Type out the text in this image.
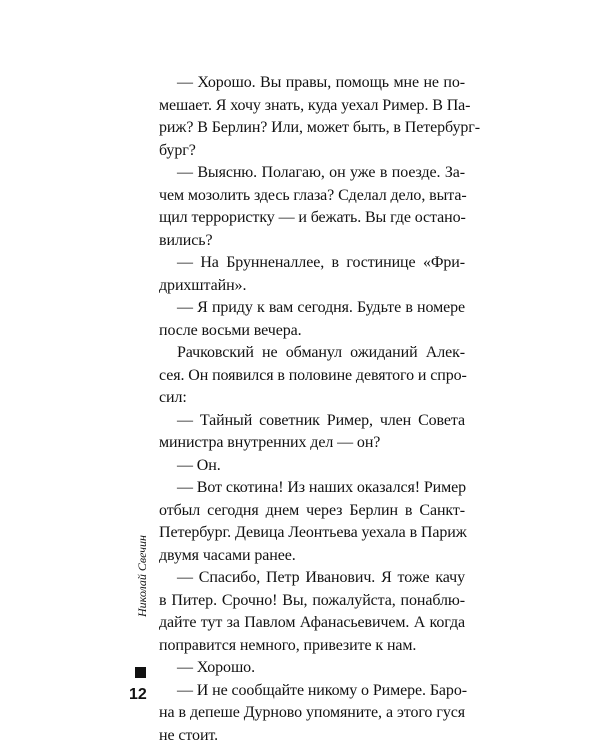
— Хорошо. Вы правы, помощь мне не по-
мешает. Я хочу знать, куда уехал Ример. В Па-
риж? В Берлин? Или, может быть, в Петербург-
бург?
— Выясню. Полагаю, он уже в поезде. За-
чем мозолить здесь глаза? Сделал дело, выта-
щил террористку — и бежать. Вы где остано-
вились?
— На Брунненаллее, в гостинице «Фри-
дрихштайн».
— Я приду к вам сегодня. Будьте в номере
после восьми вечера.
Рачковский не обманул ожиданий Алек-
сея. Он появился в половине девятого и спро-
сил:
— Тайный советник Ример, член Совета
министра внутренних дел — он?
— Он.
— Вот скотина! Из наших оказался! Ример
отбыл сегодня днем через Берлин в Санкт-
Петербург. Девица Леонтьева уехала в Париж
двумя часами ранее.
— Спасибо, Петр Иванович. Я тоже качу
в Питер. Срочно! Вы, пожалуйста, понаблю-
дайте тут за Павлом Афанасьевичем. А когда
поправится немного, привезите к нам.
— Хорошо.
— И не сообщайте никому о Римере. Баро-
на в депеше Дурново упомяните, а этого гуся
не стоит.
Николай Свечин
12
